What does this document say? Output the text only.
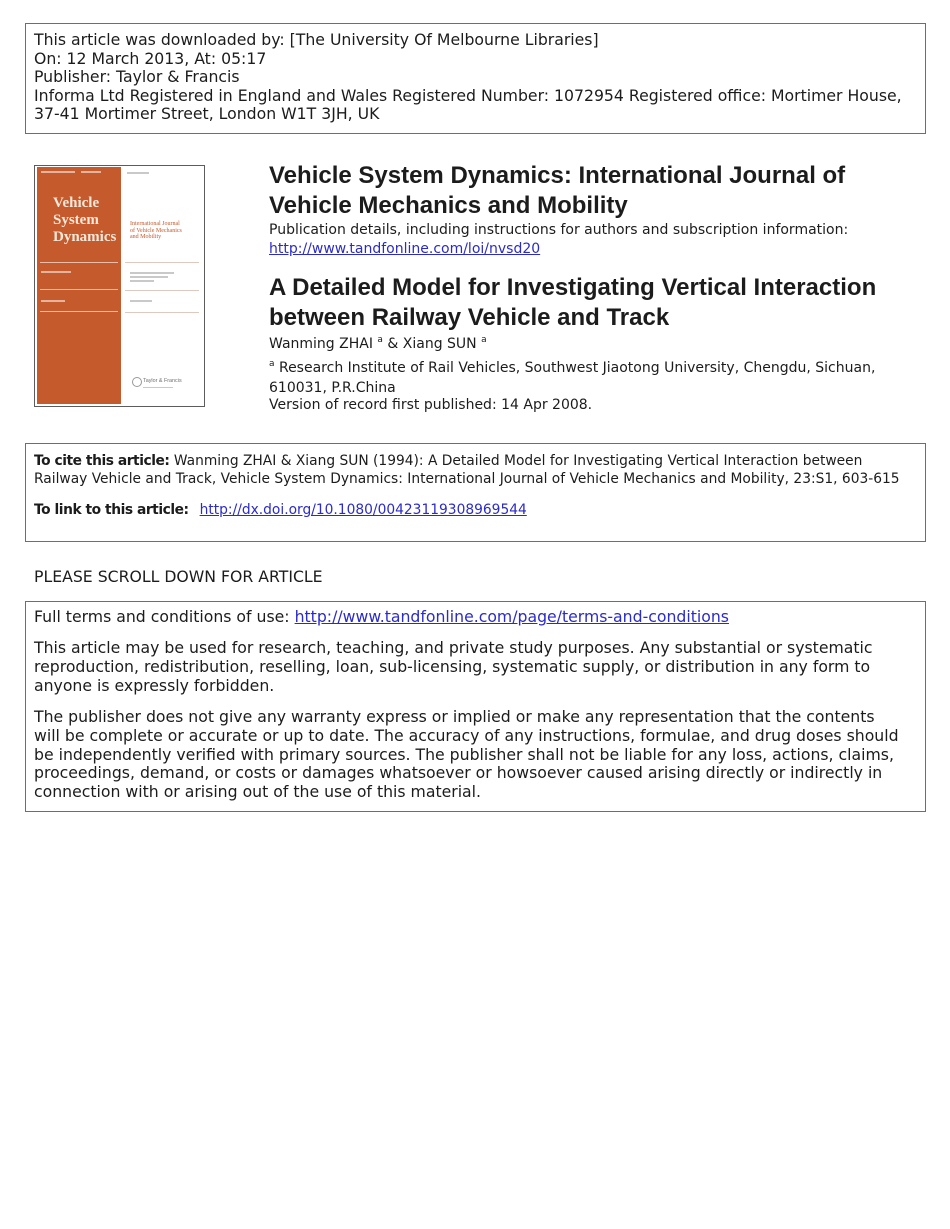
This article was downloaded by: [The University Of Melbourne Libraries]
On: 12 March 2013, At: 05:17
Publisher: Taylor & Francis
Informa Ltd Registered in England and Wales Registered Number: 1072954 Registered office: Mortimer House,
37-41 Mortimer Street, London W1T 3JH, UK
Vehicle System Dynamics
International Journal of Vehicle Mechanics and Mobility
Taylor & Francis
Vehicle System Dynamics: International Journal of
Vehicle Mechanics and Mobility
Publication details, including instructions for authors and subscription information:
http://www.tandfonline.com/loi/nvsd20
A Detailed Model for Investigating Vertical Interaction
between Railway Vehicle and Track
Wanming ZHAI $^a$ & Xiang SUN $^a$
$^a$ Research Institute of Rail Vehicles, Southwest Jiaotong University, Chengdu, Sichuan,
610031, P.R.China
Version of record first published: 14 Apr 2008.
To cite this article: Wanming ZHAI & Xiang SUN (1994): A Detailed Model for Investigating Vertical Interaction between
Railway Vehicle and Track, Vehicle System Dynamics: International Journal of Vehicle Mechanics and Mobility, 23:S1, 603-615
To link to this article: http://dx.doi.org/10.1080/00423119308969544
PLEASE SCROLL DOWN FOR ARTICLE
Full terms and conditions of use: http://www.tandfonline.com/page/terms-and-conditions
This article may be used for research, teaching, and private study purposes. Any substantial or systematic
reproduction, redistribution, reselling, loan, sub-licensing, systematic supply, or distribution in any form to
anyone is expressly forbidden.
The publisher does not give any warranty express or implied or make any representation that the contents
will be complete or accurate or up to date. The accuracy of any instructions, formulae, and drug doses should
be independently verified with primary sources. The publisher shall not be liable for any loss, actions, claims,
proceedings, demand, or costs or damages whatsoever or howsoever caused arising directly or indirectly in
connection with or arising out of the use of this material.
